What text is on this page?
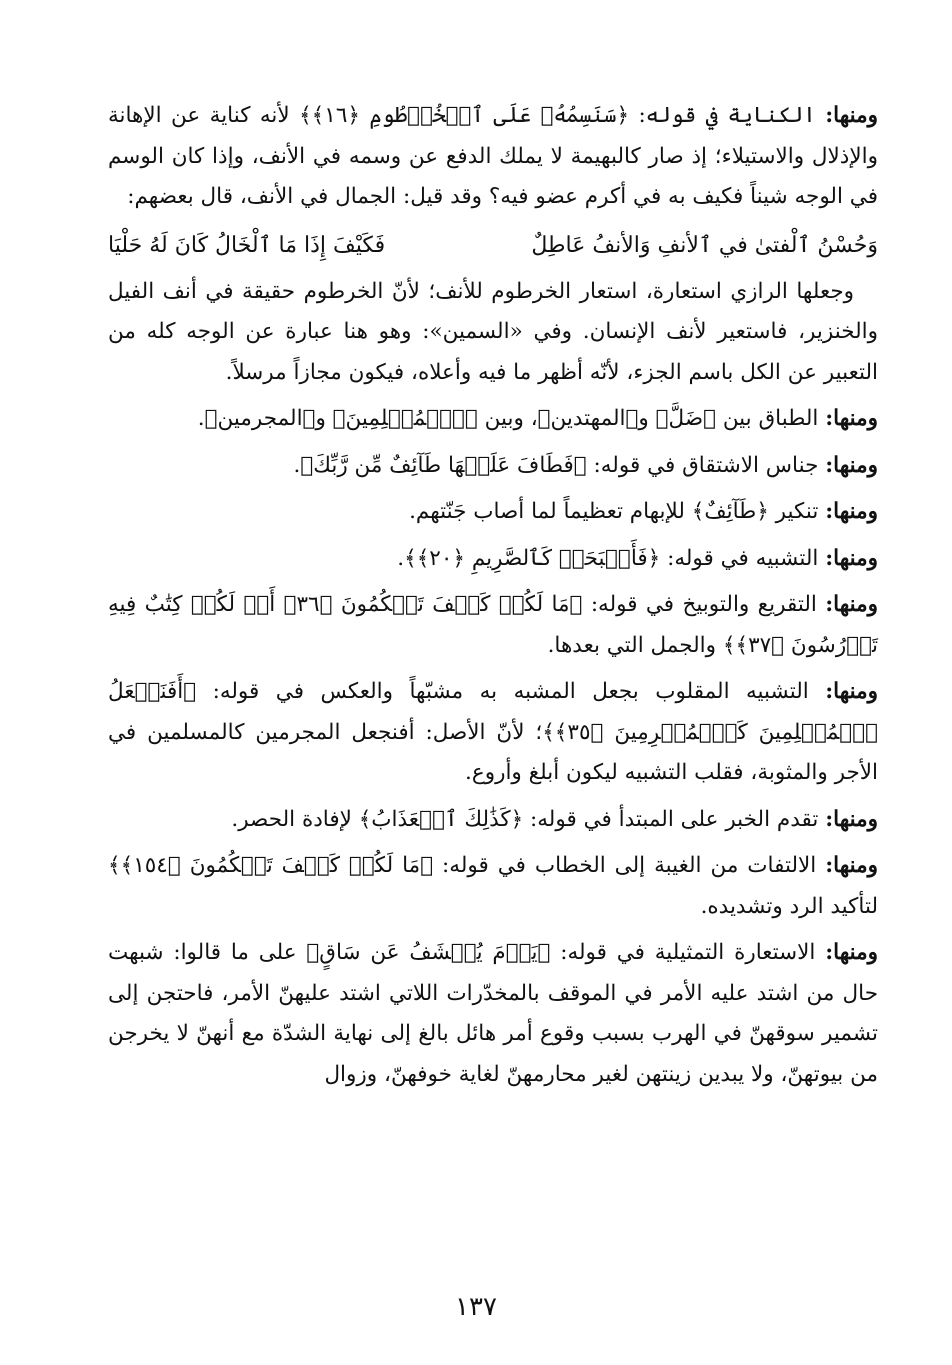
ومنها: الكناية في قوله: ﴿سَنَسِمُهُۥ عَلَى ٱلۡخُرۡطُومِ ﴿١٦﴾﴾ لأنه كناية عن الإهانة والإذلال والاستيلاء؛ إذ صار كالبهيمة لا يملك الدفع عن وسمه في الأنف، وإذا كان الوسم في الوجه شيناً فكيف به في أكرم عضو فيه؟ وقد قيل: الجمال في الأنف، قال بعضهم:

وَحُسْنُ ٱلْفتىٰ في ٱلأنفِ وَالأنفُ عَاطِلٌ
فَكَيْفَ إِذَا مَا ٱلْخَالُ كَانَ لَهُ حَلْيَا

وجعلها الرازي استعارة، استعار الخرطوم للأنف؛ لأنّ الخرطوم حقيقة في أنف الفيل والخنزير، فاستعير لأنف الإنسان. وفي «السمين»: وهو هنا عبارة عن الوجه كله من التعبير عن الكل باسم الجزء، لأنّه أظهر ما فيه وأعلاه، فيكون مجازاً مرسلاً.

ومنها: الطباق بين ﴿ضَلَّ﴾ و﴿المهتدين﴾، وبين ﴿ٱلۡمُسۡلِمِينَ﴾ و﴿المجرمين﴾.

ومنها: جناس الاشتقاق في قوله: ﴿فَطَافَ عَلَيۡهَا طَآئِفٌ مِّن رَّبِّكَ﴾.

ومنها: تنكير ﴿طَآئِفٌ﴾ للإبهام تعظيماً لما أصاب جَنّتهم.

ومنها: التشبيه في قوله: ﴿فَأَصۡبَحَتۡ كَٱلصَّرِيمِ ﴿٢٠﴾﴾.

ومنها: التقريع والتوبيخ في قوله: ﴿مَا لَكُمۡ كَيۡفَ تَحۡكُمُونَ ﴿٣٦﴾ أَمۡ لَكُمۡ كِتَٰبٌ فِيهِ تَدۡرُسُونَ ﴿٣٧﴾﴾ والجمل التي بعدها.

ومنها: التشبيه المقلوب بجعل المشبه به مشبّهاً والعكس في قوله: ﴿أَفَنَجۡعَلُ ٱلۡمُسۡلِمِينَ كَٱلۡمُجۡرِمِينَ ﴿٣٥﴾﴾؛ لأنّ الأصل: أفنجعل المجرمين كالمسلمين في الأجر والمثوبة، فقلب التشبيه ليكون أبلغ وأروع.

ومنها: تقدم الخبر على المبتدأ في قوله: ﴿كَذَٰلِكَ ٱلۡعَذَابُ﴾ لإفادة الحصر.

ومنها: الالتفات من الغيبة إلى الخطاب في قوله: ﴿مَا لَكُمۡ كَيۡفَ تَحۡكُمُونَ ﴿١٥٤﴾﴾ لتأكيد الرد وتشديده.

ومنها: الاستعارة التمثيلية في قوله: ﴿يَوۡمَ يُكۡشَفُ عَن سَاقٍ﴾ على ما قالوا: شبهت حال من اشتد عليه الأمر في الموقف بالمخدّرات اللاتي اشتد عليهنّ الأمر، فاحتجن إلى تشمير سوقهنّ في الهرب بسبب وقوع أمر هائل بالغ إلى نهاية الشدّة مع أنهنّ لا يخرجن من بيوتهنّ، ولا يبدين زينتهن لغير محارمهنّ لغاية خوفهنّ، وزوال

١٣٧
